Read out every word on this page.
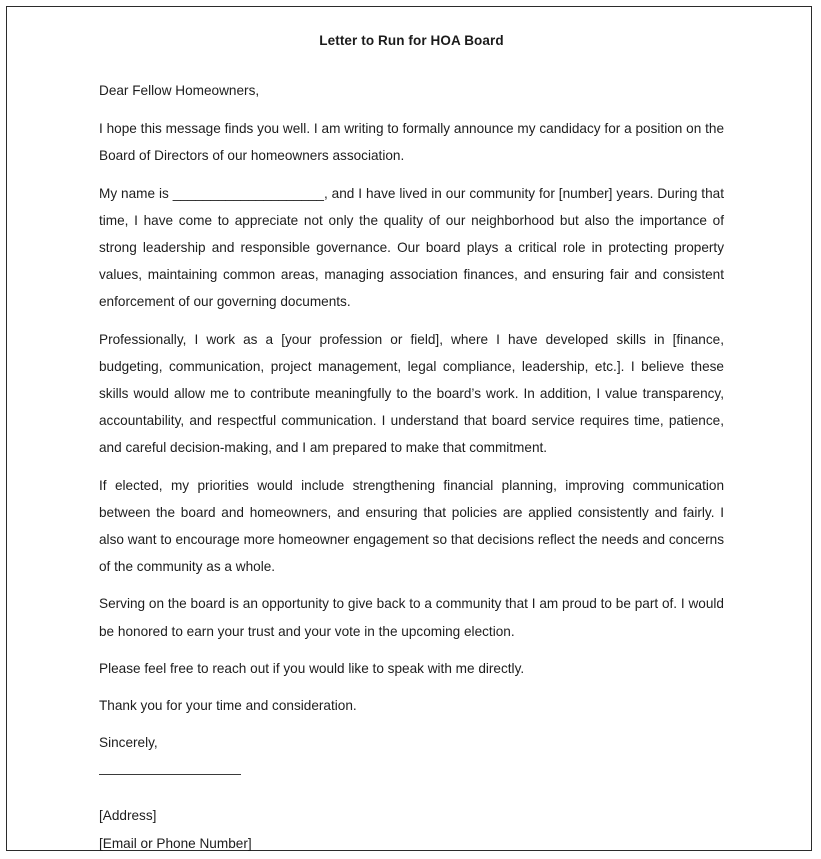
Letter to Run for HOA Board

Dear Fellow Homeowners,

I hope this message finds you well. I am writing to formally announce my candidacy for a position on the Board of Directors of our homeowners association.

My name is ____________________, and I have lived in our community for [number] years. During that time, I have come to appreciate not only the quality of our neighborhood but also the importance of strong leadership and responsible governance. Our board plays a critical role in protecting property values, maintaining common areas, managing association finances, and ensuring fair and consistent enforcement of our governing documents.

Professionally, I work as a [your profession or field], where I have developed skills in [finance, budgeting, communication, project management, legal compliance, leadership, etc.]. I believe these skills would allow me to contribute meaningfully to the board’s work. In addition, I value transparency, accountability, and respectful communication. I understand that board service requires time, patience, and careful decision-making, and I am prepared to make that commitment.

If elected, my priorities would include strengthening financial planning, improving communication between the board and homeowners, and ensuring that policies are applied consistently and fairly. I also want to encourage more homeowner engagement so that decisions reflect the needs and concerns of the community as a whole.

Serving on the board is an opportunity to give back to a community that I am proud to be part of. I would be honored to earn your trust and your vote in the upcoming election.

Please feel free to reach out if you would like to speak with me directly.

Thank you for your time and consideration.

Sincerely,

[Address]

[Email or Phone Number]
